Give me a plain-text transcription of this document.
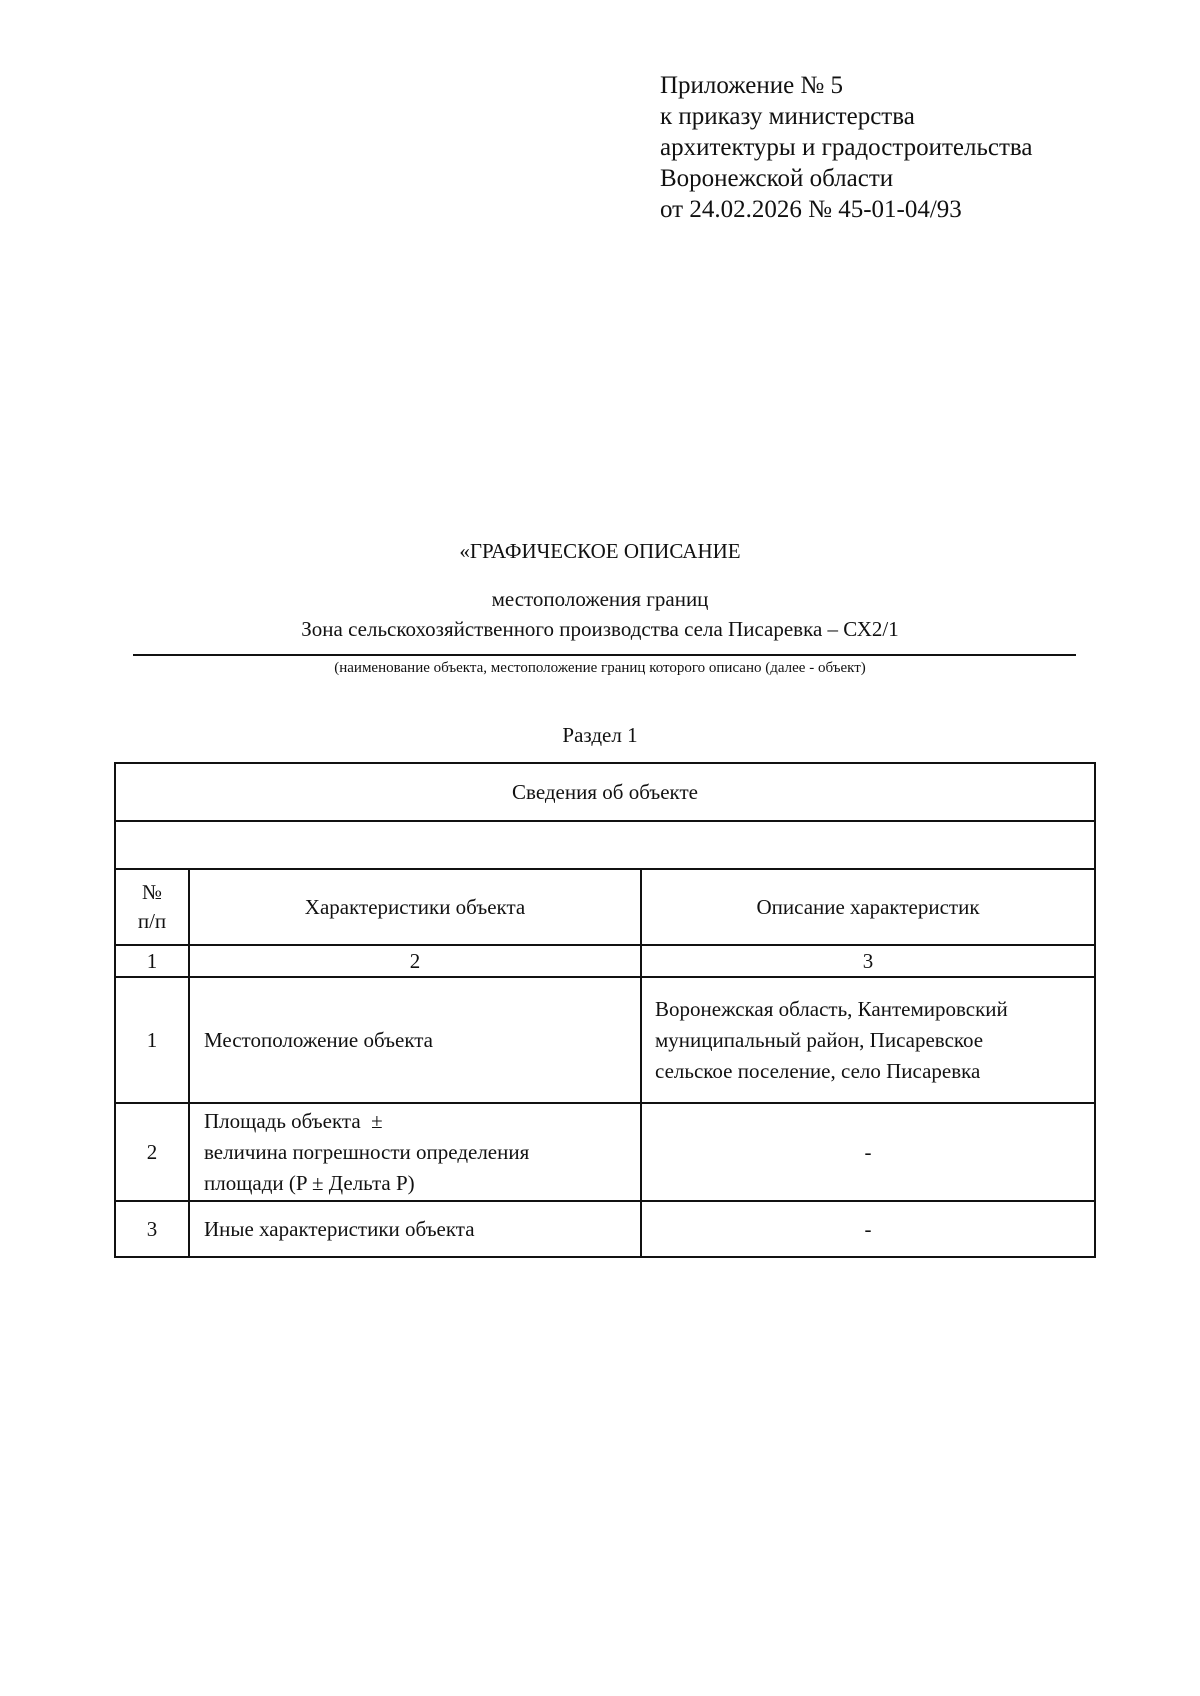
Приложение № 5
к приказу министерства
архитектуры и градостроительства
Воронежской области
от 24.02.2026 № 45-01-04/93
«ГРАФИЧЕСКОЕ ОПИСАНИЕ
местоположения границ
Зона сельскохозяйственного производства села Писаревка – СХ2/1
(наименование объекта, местоположение границ которого описано (далее - объект)
Раздел 1
Сведения об объекте		

№
п/п	Характеристики объекта	Описание характеристик
1	2	3
1	Местоположение объекта	Воронежская область, Кантемировский
муниципальный район, Писаревское
сельское поселение, село Писаревка

2	Площадь объекта  ±
величина погрешности определения
площади (P ± Дельта P)	-
3	Иные характеристики объекта	-
